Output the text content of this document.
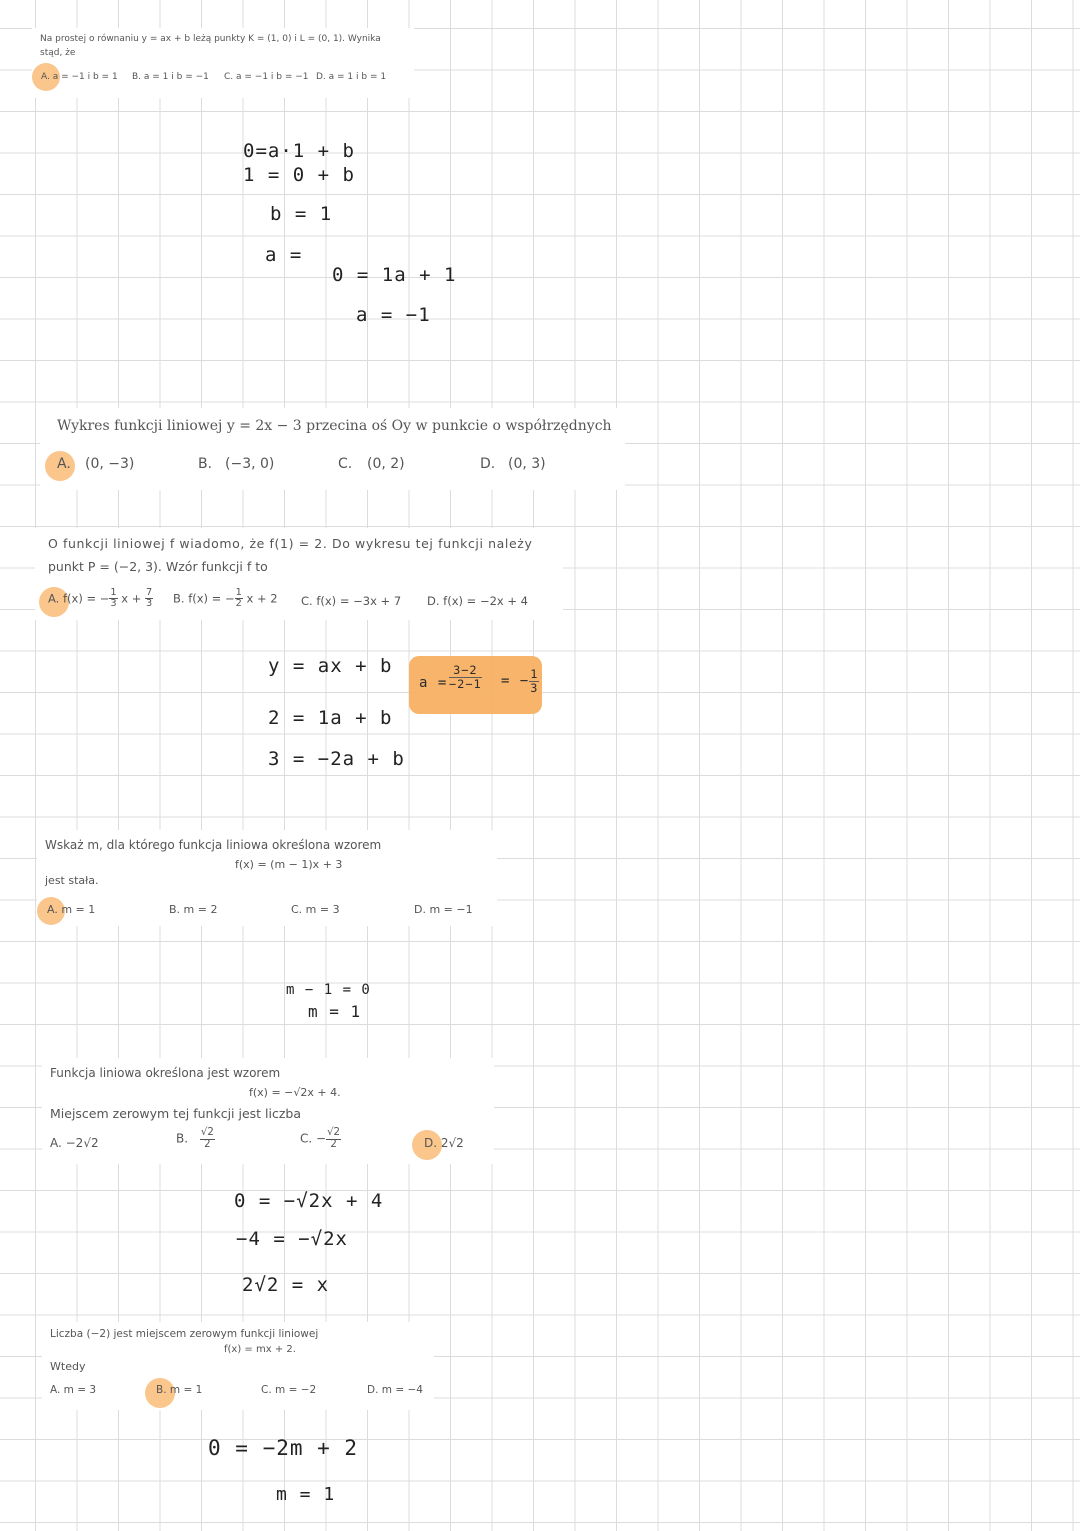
Na prostej o równaniu y = ax + b leżą punkty K = (1, 0) i L = (0, 1). Wynika
stąd, że
A. a = −1 i b = 1 B. a = 1 i b = −1 C. a = −1 i b = −1 D. a = 1 i b = 1
0=a·1 + b
1 = 0 + b
b = 1
a =
0 = 1a + 1
a = −1
Wykres funkcji liniowej y = 2x − 3 przecina oś Oy w punkcie o współrzędnych
A. (0, −3)	B. (−3, 0)	C. (0, 2)	D. (0, 3)
O funkcji liniowej f wiadomo, że f(1) = 2. Do wykresu tej funkcji należy
punkt P = (−2, 3). Wzór funkcji f to
A. f(x) = − $\frac{1}{3}$ $x + \frac{7}{3} B$. f(x) = − $\frac{1}{2}$ x + 2 C. f(x) = −3x + 7 D. f(x) = −2x + 4
y = ax + b
2 = 1a + b
3 = −2a + b
$a = \frac{3-2}{-2-1}$ = − $\frac{1}{3}$
Wskaż m, dla którego funkcja liniowa określona wzorem
f(x) = (m − 1)x + 3
jest stała.
A. m = 1	B. m = 2	C. m = 3	D. m = −1
m − 1 = 0
m = 1
Funkcja liniowa określona jest wzorem
f(x) = −√2x + 4.
Miejscem zerowym tej funkcji jest liczba
A. −2√2	B. $\frac{√2}{2}$	C. − $\frac{√2}{2}$	D. 2√2
0 = −√2x + 4
−4 = −√2x
2√2 = x
Liczba (−2) jest miejscem zerowym funkcji liniowej
f(x) = mx + 2.
Wtedy
A. m = 3	B. m = 1	C. m = −2	D. m = −4
0 = −2m + 2
m = 1
